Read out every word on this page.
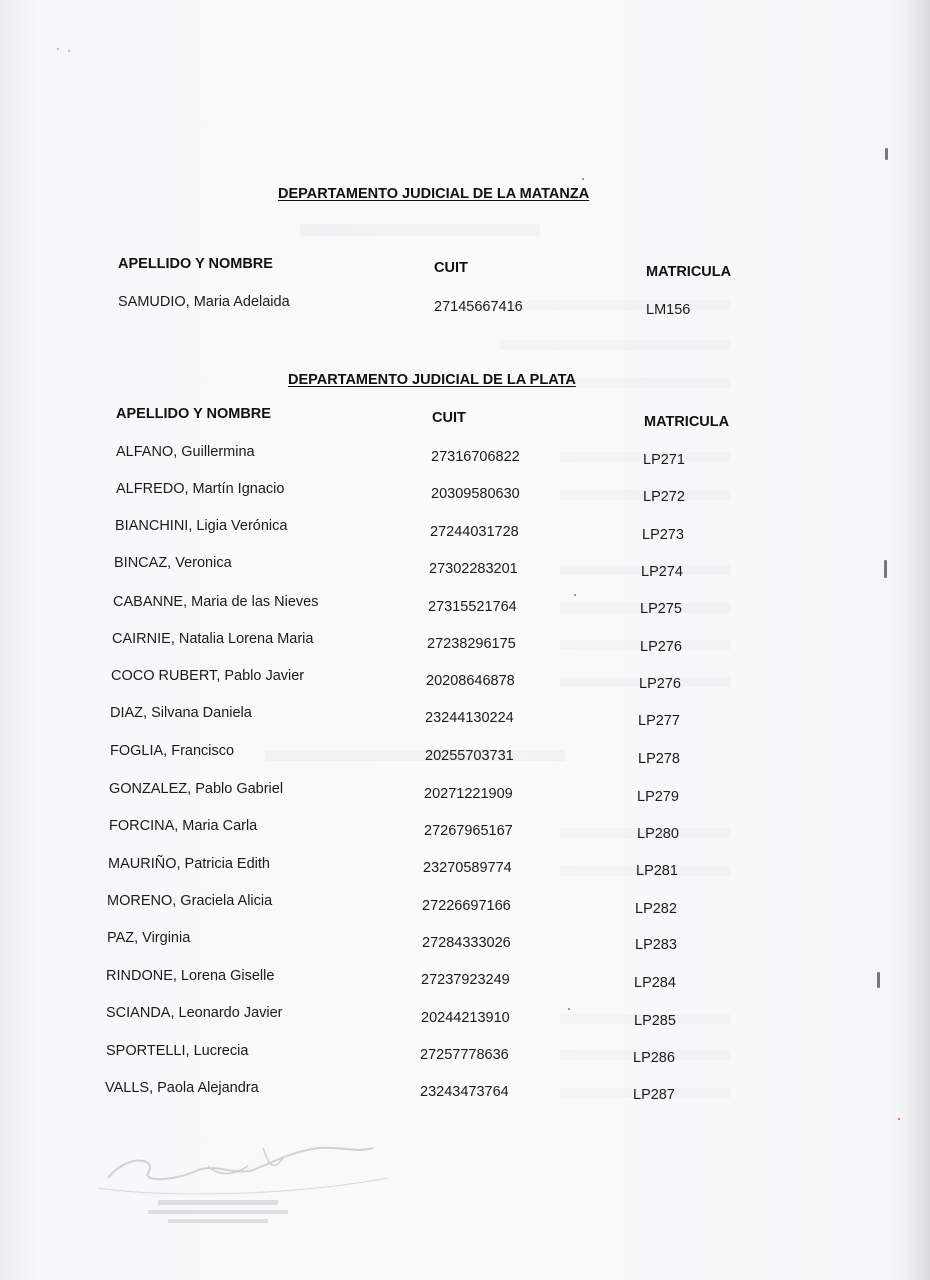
DEPARTAMENTO JUDICIAL DE LA MATANZA
APELLIDO Y NOMBRE	CUIT	MATRICULA
SAMUDIO, Maria Adelaida	27145667416	LM156
DEPARTAMENTO JUDICIAL DE LA PLATA
APELLIDO Y NOMBRE	CUIT	MATRICULA
ALFANO, Guillermina	27316706822	LP271
ALFREDO, Martín Ignacio	20309580630	LP272
BIANCHINI, Ligia Verónica	27244031728	LP273
BINCAZ, Veronica	27302283201	LP274
CABANNE, Maria de las Nieves	27315521764	LP275
CAIRNIE, Natalia Lorena Maria	27238296175	LP276
COCO RUBERT, Pablo Javier	20208646878	LP276
DIAZ, Silvana Daniela	23244130224	LP277
FOGLIA, Francisco	20255703731	LP278
GONZALEZ, Pablo Gabriel	20271221909	LP279
FORCINA, Maria Carla	27267965167	LP280
MAURIÑO, Patricia Edith	23270589774	LP281
MORENO, Graciela Alicia	27226697166	LP282
PAZ, Virginia	27284333026	LP283
RINDONE, Lorena Giselle	27237923249	LP284
SCIANDA, Leonardo Javier	20244213910	LP285
SPORTELLI, Lucrecia	27257778636	LP286
VALLS, Paola Alejandra	23243473764	LP287
